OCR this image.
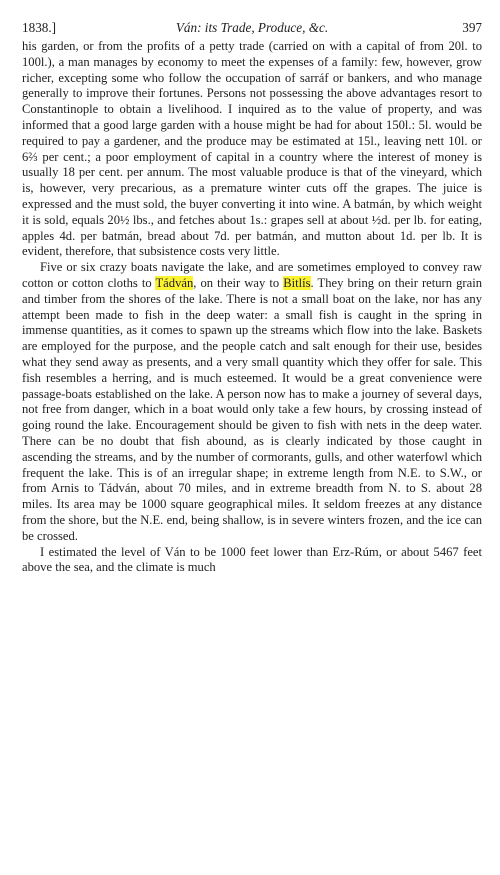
1838.]	Ván: its Trade, Produce, &c.	397

his garden, or from the profits of a petty trade (carried on with a capital of from 20l. to 100l.), a man manages by economy to meet the expenses of a family: few, however, grow richer, excepting some who follow the occupation of sarráf or bankers, and who manage generally to improve their fortunes. Persons not possessing the above advantages resort to Constantinople to obtain a livelihood. I inquired as to the value of property, and was informed that a good large garden with a house might be had for about 150l.: 5l. would be required to pay a gardener, and the produce may be estimated at 15l., leaving nett 10l. or 6⅔ per cent.; a poor employment of capital in a country where the interest of money is usually 18 per cent. per annum. The most valuable produce is that of the vineyard, which is, however, very precarious, as a premature winter cuts off the grapes. The juice is expressed and the must sold, the buyer converting it into wine. A batmán, by which weight it is sold, equals 20½ lbs., and fetches about 1s.: grapes sell at about ½d. per lb. for eating, apples 4d. per batmán, bread about 7d. per batmán, and mutton about 1d. per lb. It is evident, therefore, that subsistence costs very little.

Five or six crazy boats navigate the lake, and are sometimes employed to convey raw cotton or cotton cloths to Tádván, on their way to Bitlís. They bring on their return grain and timber from the shores of the lake. There is not a small boat on the lake, nor has any attempt been made to fish in the deep water: a small fish is caught in the spring in immense quantities, as it comes to spawn up the streams which flow into the lake. Baskets are employed for the purpose, and the people catch and salt enough for their use, besides what they send away as presents, and a very small quantity which they offer for sale. This fish resembles a herring, and is much esteemed. It would be a great convenience were passage-boats established on the lake. A person now has to make a journey of several days, not free from danger, which in a boat would only take a few hours, by crossing instead of going round the lake. Encouragement should be given to fish with nets in the deep water. There can be no doubt that fish abound, as is clearly indicated by those caught in ascending the streams, and by the number of cormorants, gulls, and other waterfowl which frequent the lake. This is of an irregular shape; in extreme length from N.E. to S.W., or from Arnis to Tádván, about 70 miles, and in extreme breadth from N. to S. about 28 miles. Its area may be 1000 square geographical miles. It seldom freezes at any distance from the shore, but the N.E. end, being shallow, is in severe winters frozen, and the ice can be crossed.

I estimated the level of Ván to be 1000 feet lower than Erz-Rúm, or about 5467 feet above the sea, and the climate is much
